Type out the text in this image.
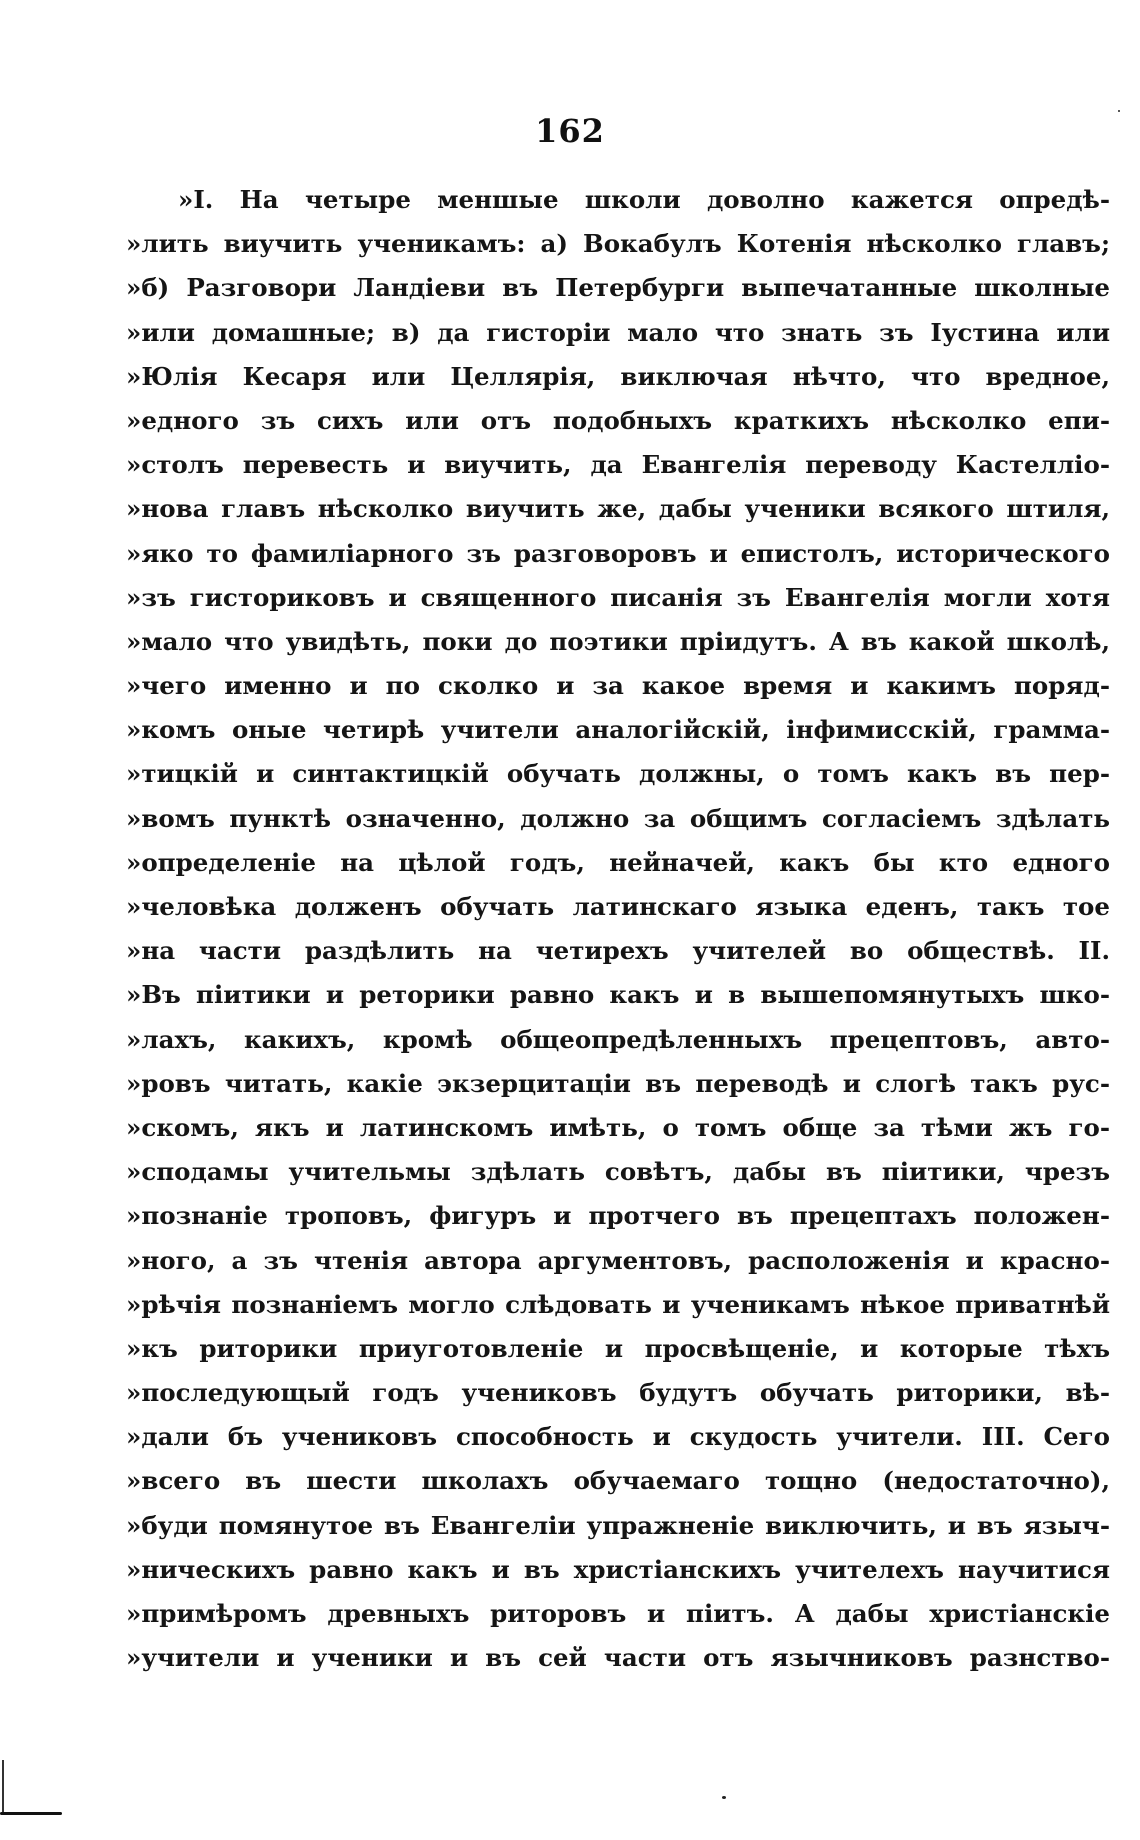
162
»I. На четыре меншые школи доволно кажется опредѣ-
»лить виучить ученикамъ: а) Вокабулъ Котенія нѣсколко главъ;
»б) Разговори Ландіеви въ Петербурги выпечатанные школные
»или домашные; в) да гисторіи мало что знать зъ Іустина или
»Юлія Кесаря или Целлярія, виключая нѣчто, что вредное,
»едного зъ сихъ или отъ подобныхъ краткихъ нѣсколко епи-
»столъ перевесть и виучить, да Евангелія переводу Кастелліо-
»нова главъ нѣсколко виучить же, дабы ученики всякого штиля,
»яко то фамиліарного зъ разговоровъ и епистолъ, исторического
»зъ гисториковъ и священного писанія зъ Евангелія могли хотя
»мало что увидѣть, поки до поэтики пріидутъ. А въ какой школѣ,
»чего именно и по сколко и за какое время и какимъ поряд-
»комъ оные четирѣ учители аналогійскій, інфимисскій, грамма-
»тицкій и синтактицкій обучать должны, о томъ какъ въ пер-
»вомъ пунктѣ означенно, должно за общимъ согласіемъ здѣлать
»определеніе на цѣлой годъ, нейначей, какъ бы кто едного
»человѣка долженъ обучать латинскаго языка еденъ, такъ тое
»на части раздѣлить на четирехъ учителей во обществѣ. II.
»Въ піитики и реторики равно какъ и в вышепомянутыхъ шко-
»лахъ, какихъ, кромѣ общеопредѣленныхъ прецептовъ, авто-
»ровъ читать, какіе экзерцитаціи въ переводѣ и слогѣ такъ рус-
»скомъ, якъ и латинскомъ имѣть, о томъ обще за тѣми жъ го-
»сподамы учительмы здѣлать совѣтъ, дабы въ піитики, чрезъ
»познаніе троповъ, фигуръ и протчего въ прецептахъ положен-
»ного, а зъ чтенія автора аргументовъ, расположенія и красно-
»рѣчія познаніемъ могло слѣдовать и ученикамъ нѣкое приватнѣй
»къ риторики приуготовленіе и просвѣщеніе, и которые тѣхъ
»последующый годъ учениковъ будутъ обучать риторики, вѣ-
»дали бъ учениковъ способность и скудость учители. III. Сего
»всего въ шести школахъ обучаемаго тощно (недостаточно),
»буди помянутое въ Евангеліи упражненіе виключить, и въ языч-
»ническихъ равно какъ и въ христіанскихъ учителехъ научитися
»примѣромъ древныхъ риторовъ и піитъ. А дабы христіанскіе
»учители и ученики и въ сей части отъ язычниковъ разнство-
